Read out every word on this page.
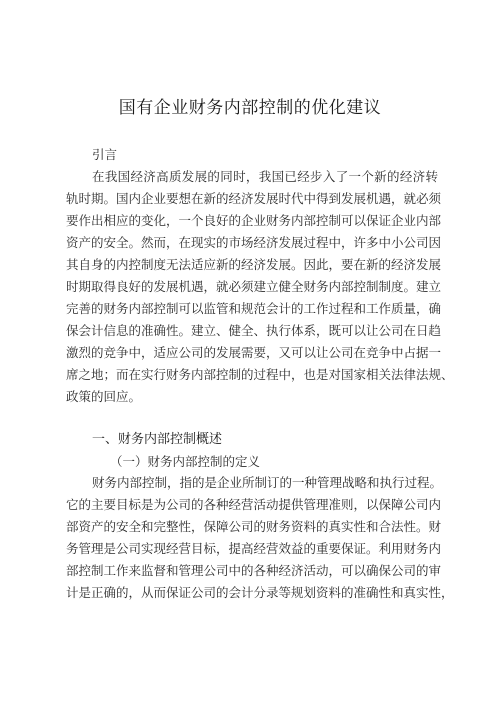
国有企业财务内部控制的优化建议
引言
在我国经济高质发展的同时，我国已经步入了一个新的经济转
轨时期。国内企业要想在新的经济发展时代中得到发展机遇，就必须
要作出相应的变化，一个良好的企业财务内部控制可以保证企业内部
资产的安全。然而，在现实的市场经济发展过程中，许多中小公司因
其自身的内控制度无法适应新的经济发展。因此，要在新的经济发展
时期取得良好的发展机遇，就必须建立健全财务内部控制制度。建立
完善的财务内部控制可以监管和规范会计的工作过程和工作质量，确
保会计信息的准确性。建立、健全、执行体系，既可以让公司在日趋
激烈的竞争中，适应公司的发展需要，又可以让公司在竞争中占据一
席之地；而在实行财务内部控制的过程中，也是对国家相关法律法规、
政策的回应。
一、财务内部控制概述
（一）财务内部控制的定义
财务内部控制，指的是企业所制订的一种管理战略和执行过程。
它的主要目标是为公司的各种经营活动提供管理准则，以保障公司内
部资产的安全和完整性，保障公司的财务资料的真实性和合法性。财
务管理是公司实现经营目标，提高经营效益的重要保证。利用财务内
部控制工作来监督和管理公司中的各种经济活动，可以确保公司的审
计是正确的，从而保证公司的会计分录等规划资料的准确性和真实性，
